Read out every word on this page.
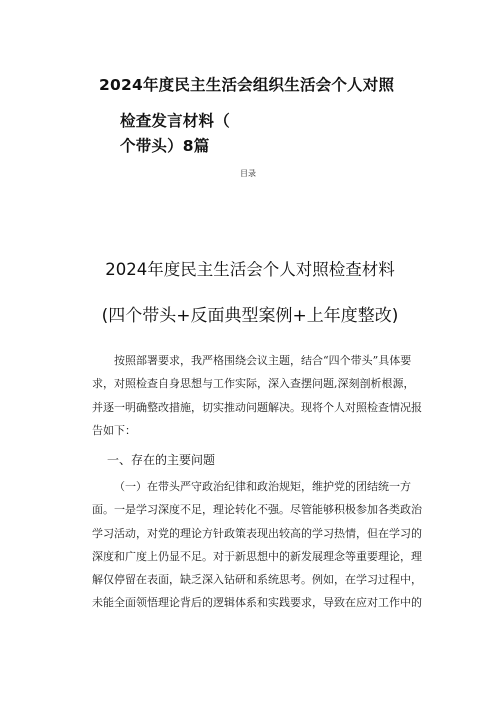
2024年度民主生活会组织生活会个人对照
检查发言材料（
个带头）8篇
目录
2024年度民主生活会个人对照检查材料
(四个带头+反面典型案例+上年度整改)
按照部署要求，我严格围绕会议主题，结合“四个带头”具体要
求，对照检查自身思想与工作实际，深入查摆问题,深刻剖析根源，
并逐一明确整改措施，切实推动问题解决。现将个人对照检查情况报
告如下：
一、存在的主要问题
（一）在带头严守政治纪律和政治规矩，维护党的团结统一方
面。一是学习深度不足，理论转化不强。尽管能够积极参加各类政治
学习活动，对党的理论方针政策表现出较高的学习热情，但在学习的
深度和广度上仍显不足。对于新思想中的新发展理念等重要理论，理
解仅停留在表面，缺乏深入钻研和系统思考。例如，在学习过程中，
未能全面领悟理论背后的逻辑体系和实践要求，导致在应对工作中的
